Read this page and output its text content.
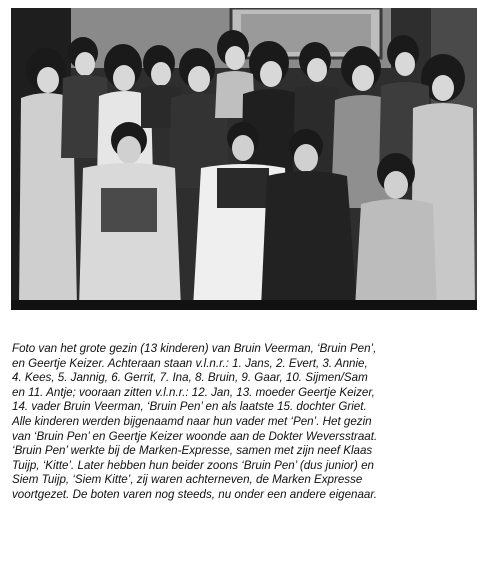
Foto van het grote gezin (13 kinderen) van Bruin Veerman, ‘Bruin Pen’,
en Geertje Keizer. Achteraan staan v.l.n.r.: 1. Jans, 2. Evert, 3. Annie,
4. Kees, 5. Jannig, 6. Gerrit, 7. Ina, 8. Bruin, 9. Gaar, 10. Sijmen/Sam
en 11. Antje; vooraan zitten v.l.n.r.: 12. Jan, 13. moeder Geertje Keizer,
14. vader Bruin Veerman, ‘Bruin Pen’ en als laatste 15. dochter Griet.
Alle kinderen werden bijgenaamd naar hun vader met ‘Pen’. Het gezin
van ‘Bruin Pen’ en Geertje Keizer woonde aan de Dokter Weversstraat.
‘Bruin Pen’ werkte bij de Marken-Expresse, samen met zijn neef Klaas
Tuijp, ‘Kitte’. Later hebben hun beider zoons ‘Bruin Pen’ (dus junior) en
Siem Tuijp, ‘Siem Kitte’, zij waren achterneven, de Marken Expresse
voortgezet. De boten varen nog steeds, nu onder een andere eigenaar.
